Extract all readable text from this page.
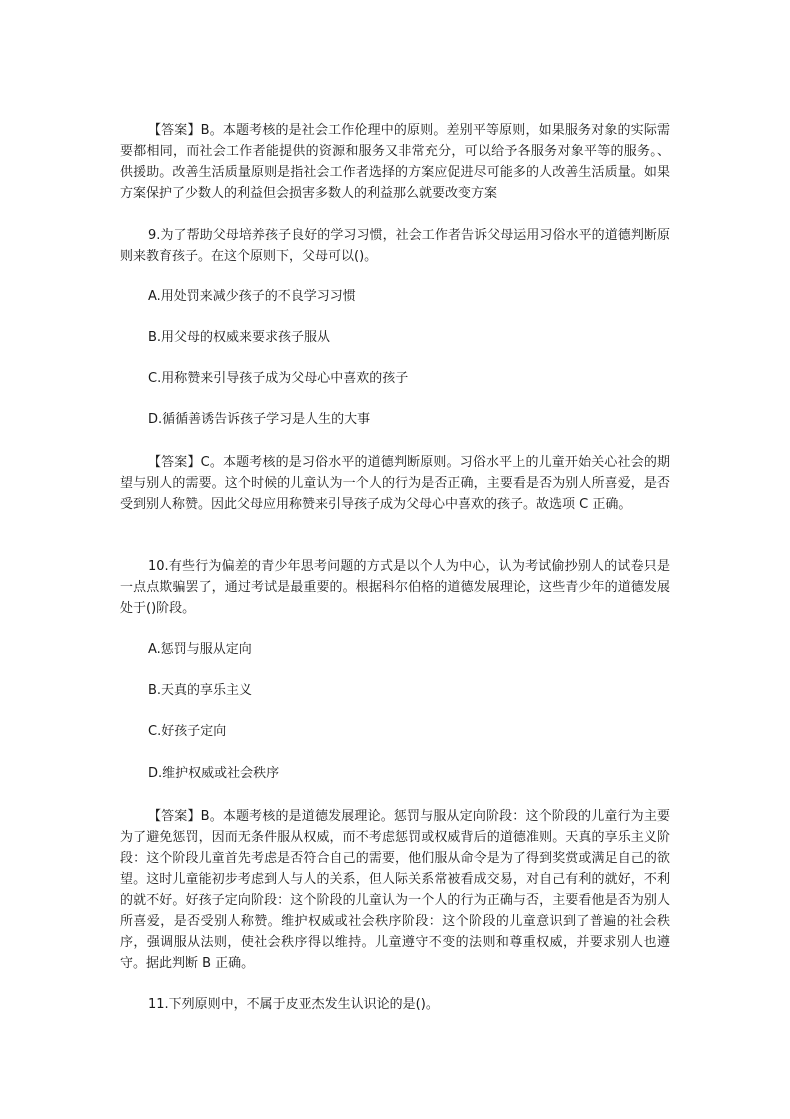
【答案】B。本题考核的是社会工作伦理中的原则。差别平等原则，如果服务对象的实际需要都相同，而社会工作者能提供的资源和服务又非常充分，可以给予各服务对象平等的服务。、供援助。改善生活质量原则是指社会工作者选择的方案应促进尽可能多的人改善生活质量。如果方案保护了少数人的利益但会损害多数人的利益那么就要改变方案

9.为了帮助父母培养孩子良好的学习习惯，社会工作者告诉父母运用习俗水平的道德判断原则来教育孩子。在这个原则下，父母可以()。

A.用处罚来减少孩子的不良学习习惯

B.用父母的权威来要求孩子服从

C.用称赞来引导孩子成为父母心中喜欢的孩子

D.循循善诱告诉孩子学习是人生的大事

【答案】C。本题考核的是习俗水平的道德判断原则。习俗水平上的儿童开始关心社会的期望与别人的需要。这个时候的儿童认为一个人的行为是否正确，主要看是否为别人所喜爱，是否受到别人称赞。因此父母应用称赞来引导孩子成为父母心中喜欢的孩子。故选项 C 正确。

10.有些行为偏差的青少年思考问题的方式是以个人为中心，认为考试偷抄别人的试卷只是一点点欺骗罢了，通过考试是最重要的。根据科尔伯格的道德发展理论，这些青少年的道德发展处于()阶段。

A.惩罚与服从定向

B.天真的享乐主义

C.好孩子定向

D.维护权威或社会秩序

【答案】B。本题考核的是道德发展理论。惩罚与服从定向阶段：这个阶段的儿童行为主要为了避免惩罚，因而无条件服从权威，而不考虑惩罚或权威背后的道德准则。天真的享乐主义阶段：这个阶段儿童首先考虑是否符合自己的需要，他们服从命令是为了得到奖赏或满足自己的欲望。这时儿童能初步考虑到人与人的关系，但人际关系常被看成交易，对自己有利的就好，不利的就不好。好孩子定向阶段：这个阶段的儿童认为一个人的行为正确与否，主要看他是否为别人所喜爱，是否受别人称赞。维护权威或社会秩序阶段：这个阶段的儿童意识到了普遍的社会秩序，强调服从法则，使社会秩序得以维持。儿童遵守不变的法则和尊重权威，并要求别人也遵守。据此判断 B 正确。

11.下列原则中，不属于皮亚杰发生认识论的是()。
